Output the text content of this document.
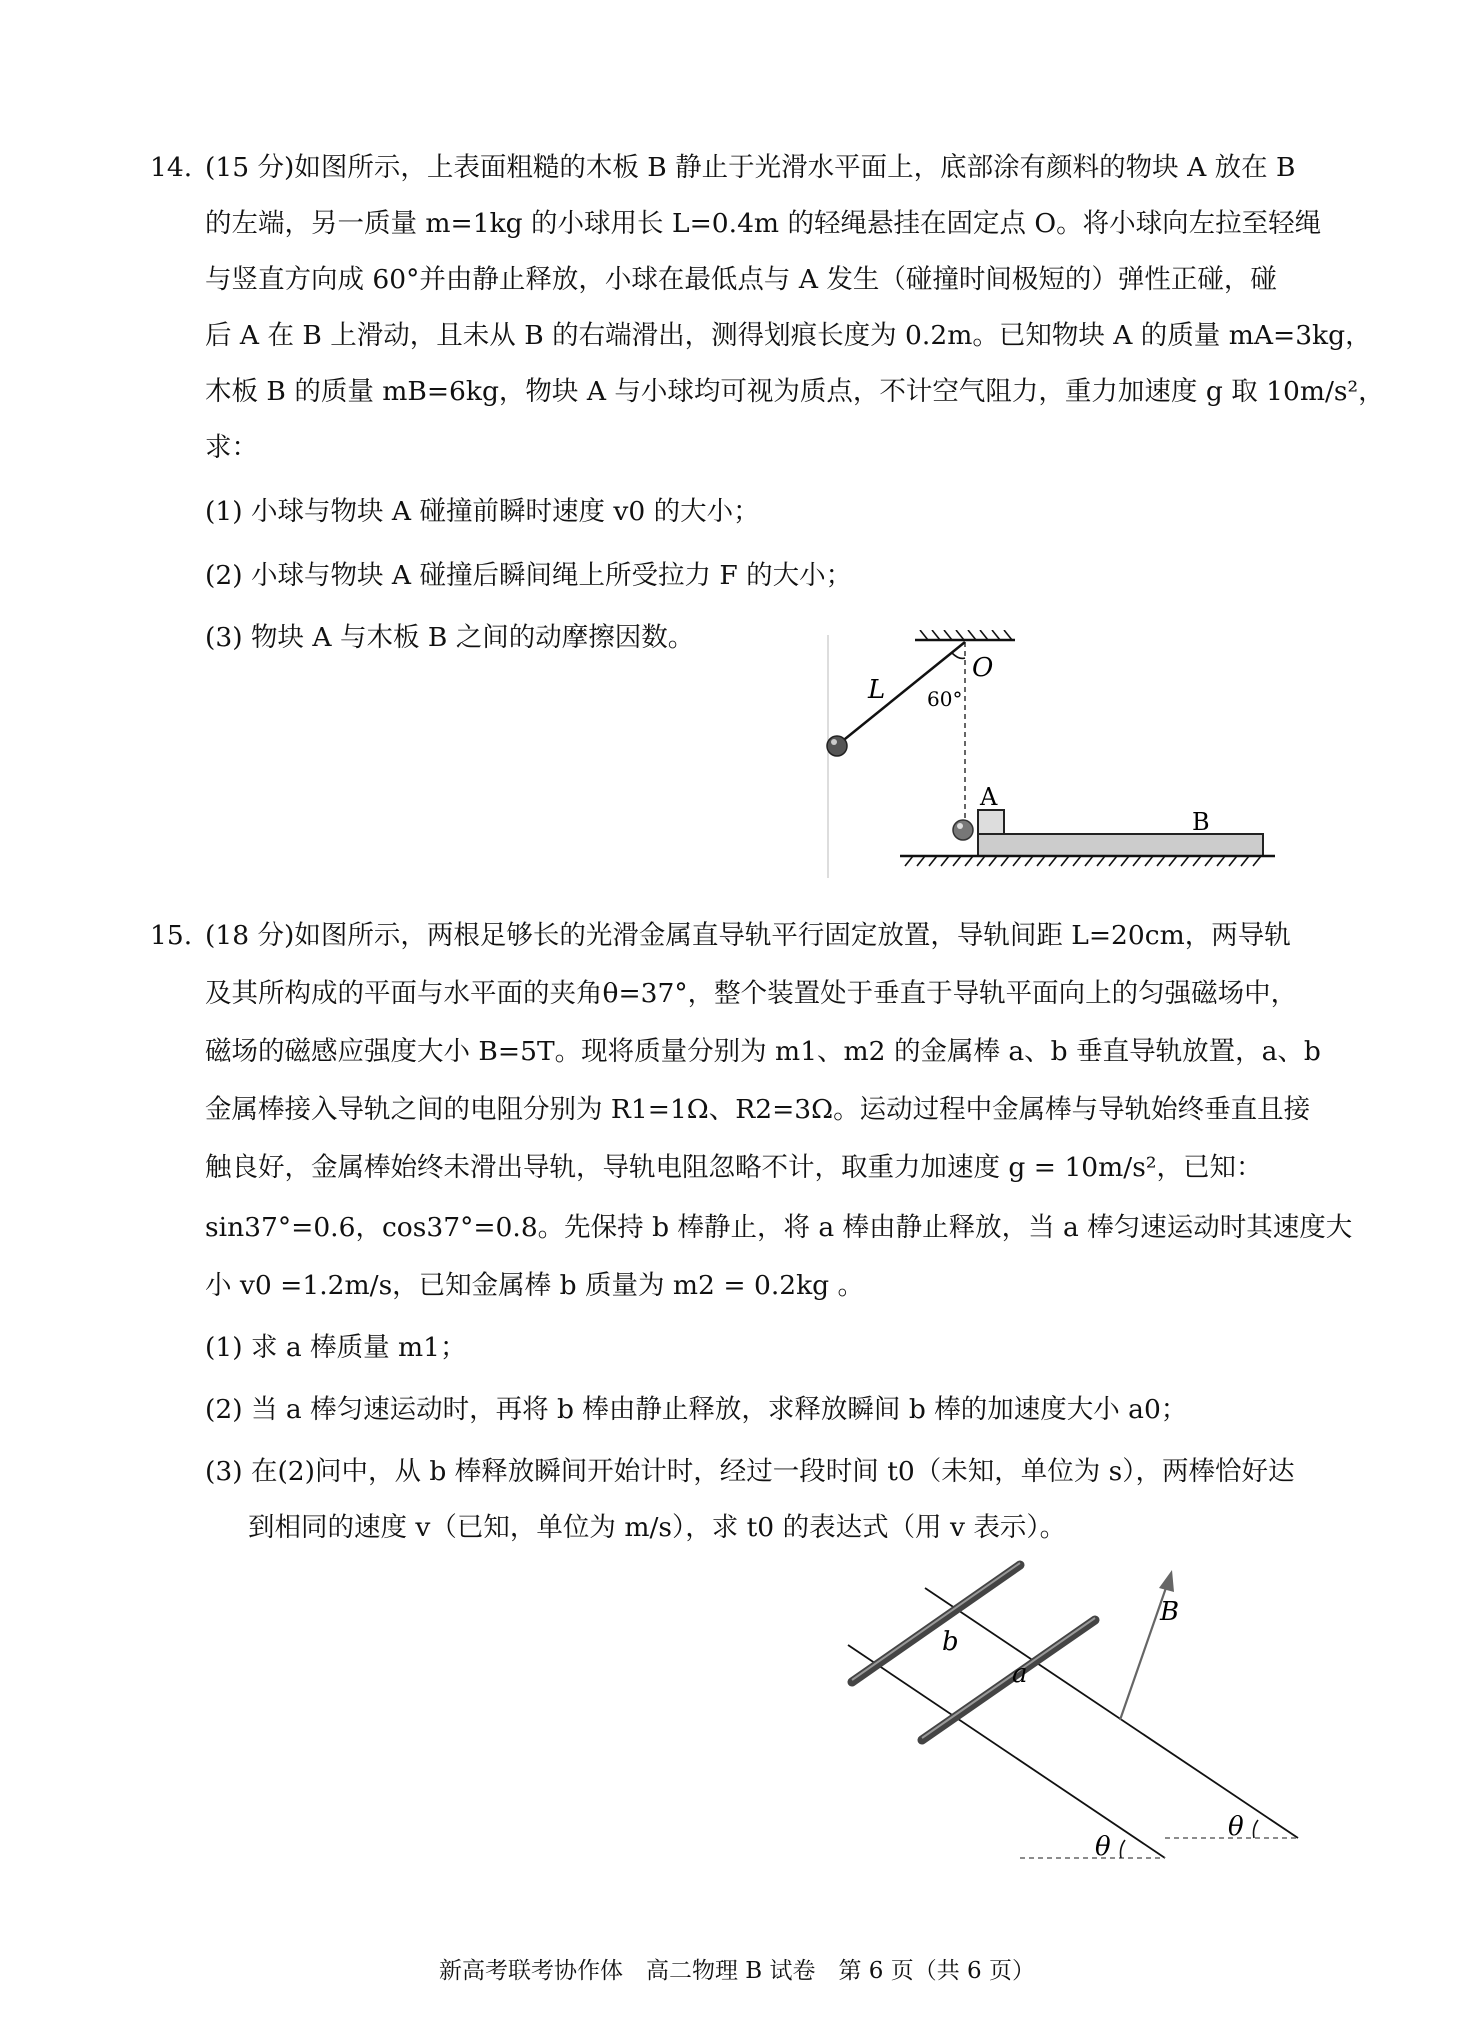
14. (15 分)如图所示，上表面粗糙的木板 B 静止于光滑水平面上，底部涂有颜料的物块 A 放在 B
的左端，另一质量 m=1kg 的小球用长 L=0.4m 的轻绳悬挂在固定点 O。将小球向左拉至轻绳
与竖直方向成 60°并由静止释放，小球在最低点与 A 发生（碰撞时间极短的）弹性正碰，碰
后 A 在 B 上滑动，且未从 B 的右端滑出，测得划痕长度为 0.2m。已知物块 A 的质量 mA=3kg，
木板 B 的质量 mB=6kg，物块 A 与小球均可视为质点，不计空气阻力，重力加速度 g 取 10m/s²，
求：
(1) 小球与物块 A 碰撞前瞬时速度 v0 的大小；
(2) 小球与物块 A 碰撞后瞬间绳上所受拉力 F 的大小；
(3) 物块 A 与木板 B 之间的动摩擦因数。
L
O
60°
A
B
15. (18 分)如图所示，两根足够长的光滑金属直导轨平行固定放置，导轨间距 L=20cm，两导轨
及其所构成的平面与水平面的夹角θ=37°，整个装置处于垂直于导轨平面向上的匀强磁场中，
磁场的磁感应强度大小 B=5T。现将质量分别为 m1、m2 的金属棒 a、b 垂直导轨放置，a、b
金属棒接入导轨之间的电阻分别为 R1=1Ω、R2=3Ω。运动过程中金属棒与导轨始终垂直且接
触良好，金属棒始终未滑出导轨，导轨电阻忽略不计，取重力加速度 g = 10m/s²，已知：
sin37°=0.6，cos37°=0.8。先保持 b 棒静止，将 a 棒由静止释放，当 a 棒匀速运动时其速度大
小 v0 =1.2m/s，已知金属棒 b 质量为 m2 = 0.2kg 。
(1) 求 a 棒质量 m1；
(2) 当 a 棒匀速运动时，再将 b 棒由静止释放，求释放瞬间 b 棒的加速度大小 a0；
(3) 在(2)问中，从 b 棒释放瞬间开始计时，经过一段时间 t0（未知，单位为 s），两棒恰好达
到相同的速度 v（已知，单位为 m/s），求 t0 的表达式（用 v 表示）。
B
b
a
θ
θ
新高考联考协作体　高二物理 B 试卷　第 6 页（共 6 页）
